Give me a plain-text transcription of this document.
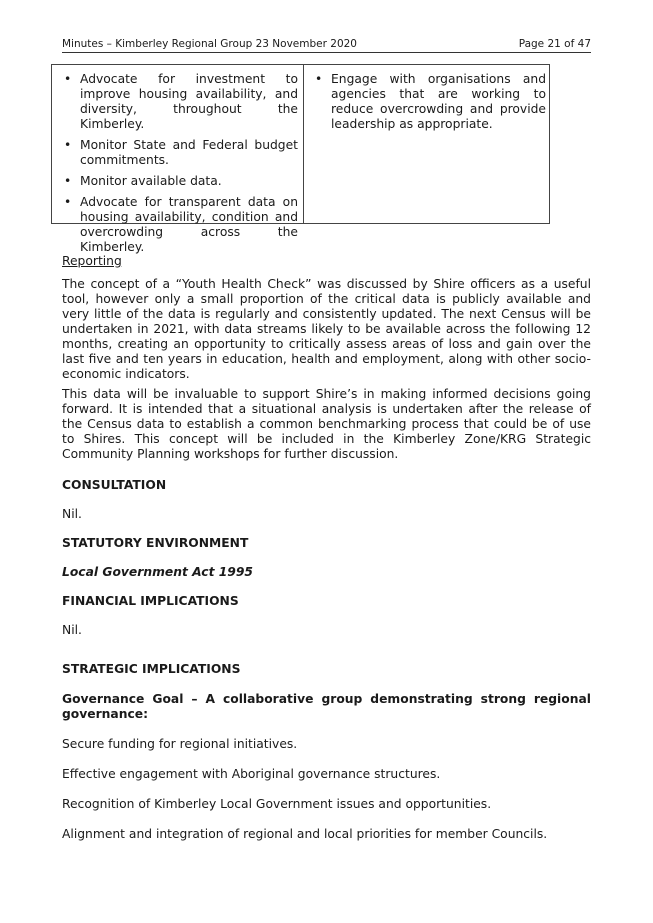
Minutes – Kimberley Regional Group 23 November 2020	Page 21 of 47
• Advocate for investment to improve housing availability, and diversity, throughout the Kimberley.
• Monitor State and Federal budget commitments.
• Monitor available data.
• Advocate for transparent data on housing availability, condition and overcrowding across the Kimberley.
• Engage with organisations and agencies that are working to reduce overcrowding and provide leadership as appropriate.

Reporting

The concept of a “Youth Health Check” was discussed by Shire officers as a useful tool, however only a small proportion of the critical data is publicly available and very little of the data is regularly and consistently updated. The next Census will be undertaken in 2021, with data streams likely to be available across the following 12 months, creating an opportunity to critically assess areas of loss and gain over the last five and ten years in education, health and employment, along with other socio-economic indicators.

This data will be invaluable to support Shire’s in making informed decisions going forward. It is intended that a situational analysis is undertaken after the release of the Census data to establish a common benchmarking process that could be of use to Shires. This concept will be included in the Kimberley Zone/KRG Strategic Community Planning workshops for further discussion.

CONSULTATION

Nil.

STATUTORY ENVIRONMENT

Local Government Act 1995

FINANCIAL IMPLICATIONS

Nil.

STRATEGIC IMPLICATIONS

Governance Goal – A collaborative group demonstrating strong regional governance:

Secure funding for regional initiatives.

Effective engagement with Aboriginal governance structures.

Recognition of Kimberley Local Government issues and opportunities.

Alignment and integration of regional and local priorities for member Councils.
